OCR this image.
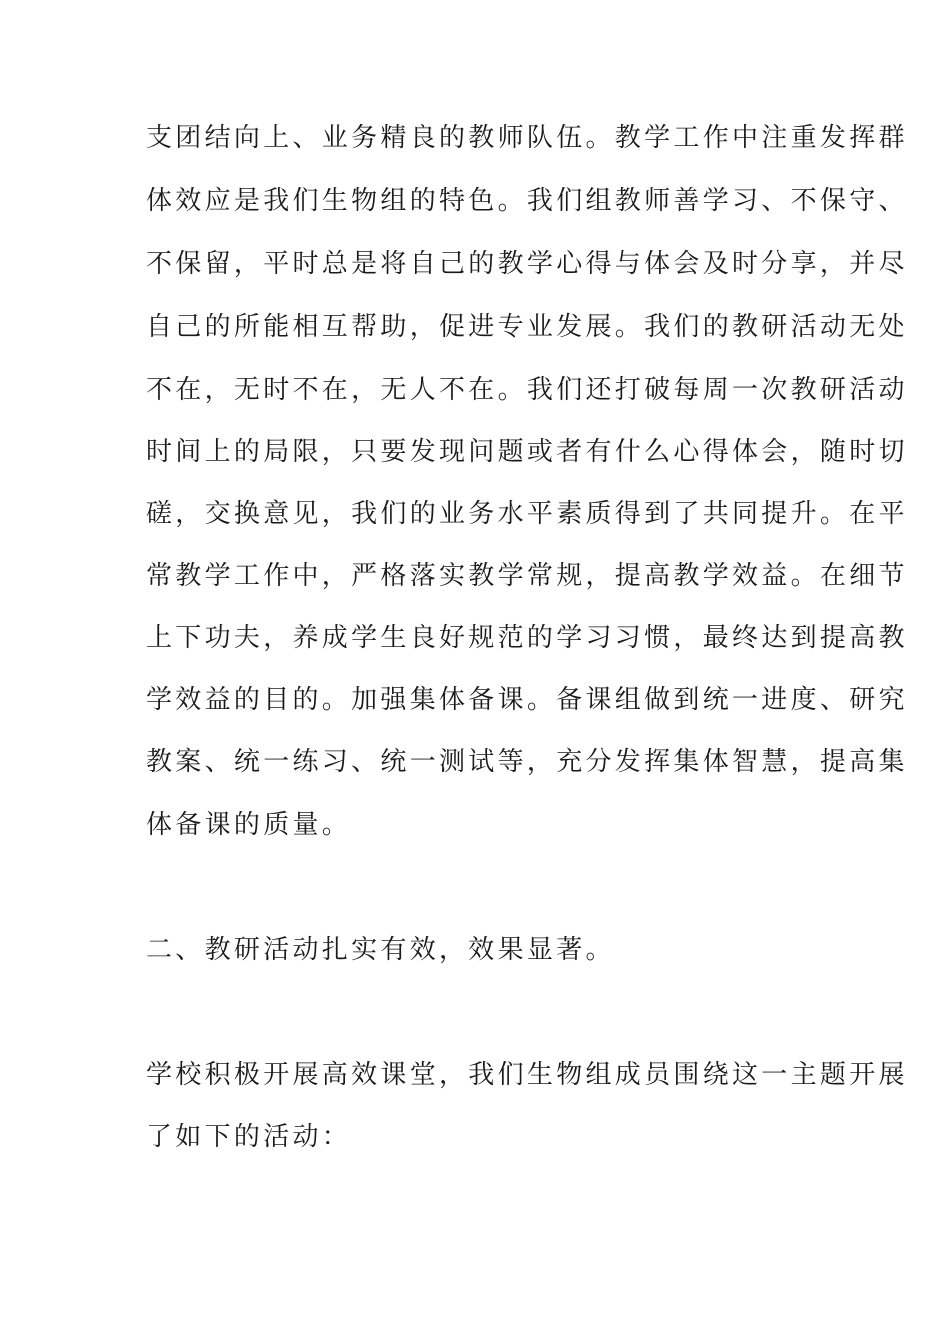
支团结向上、业务精良的教师队伍。教学工作中注重发挥群
体效应是我们生物组的特色。我们组教师善学习、不保守、
不保留，平时总是将自己的教学心得与体会及时分享，并尽
自己的所能相互帮助，促进专业发展。我们的教研活动无处
不在，无时不在，无人不在。我们还打破每周一次教研活动
时间上的局限，只要发现问题或者有什么心得体会，随时切
磋，交换意见，我们的业务水平素质得到了共同提升。在平
常教学工作中，严格落实教学常规，提高教学效益。在细节
上下功夫，养成学生良好规范的学习习惯，最终达到提高教
学效益的目的。加强集体备课。备课组做到统一进度、研究
教案、统一练习、统一测试等，充分发挥集体智慧，提高集
体备课的质量。
二、教研活动扎实有效，效果显著。
学校积极开展高效课堂，我们生物组成员围绕这一主题开展
了如下的活动：
